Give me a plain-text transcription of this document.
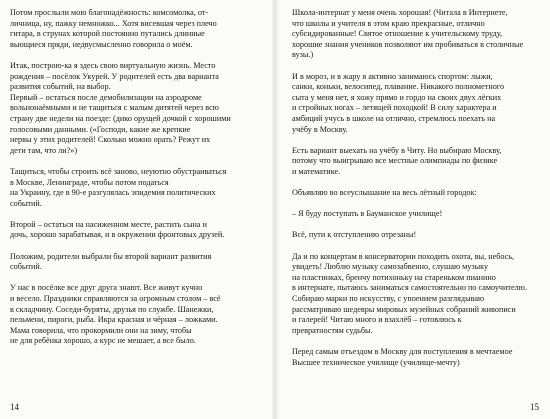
Потом прослыли мою благонадёжность: комсомолка, от-
личница, ну, пажку немножко... Хотя висевшая через плечо
гитара, в струнах которой постоянно путались длинные
вьющиеся пряди, недвусмысленно говорила о моём.

Итак, построю-ка я здесь свою виртуальную жизнь. Место
рождения – посёлок Укурей. У родителей есть два варианта
развития событий, на выбор.

Первый – остаться после демобилизации на аэродроме
вольнонаёмными и не тащиться с малым дитятей через всю
страну две недели на поезде: (дико орущей дочкой с хорошими
голосовыми данными. («Господи, какие же крепкие
нервы у этих родителей! Сколько можно орать? Режут их
дети там, что ли?»)

Тащиться, чтобы строить всё заново, неуютно обустраиваться
в Москве, Ленинграде, чтобы потом податься
на Украину, где в 90-е разгулялась эпидемия политических
событий.

Второй – остаться на насиженном месте, растить сына и
дочь, хорошо зарабатывая, и в окружении фронтовых друзей.

Положим, родители выбрали бы второй вариант развития
событий.

У нас в посёлке все друг друга знают. Все живут кучно
и весело. Праздники справляются за огромным столом – всё
в складчину. Соседи-буряты, друзья по службе. Шанежки,
пельмени, пироги, рыба. Икра красная и чёрная – ложками.
Мама говорила, что прокормили они на зиму, чтобы
не для ребёнка хорошо, а курс не мешает, а все было.

14

Школа-интернат у меня очень хорошая! (Читала в Интернете,
что школы и учителя в этом краю прекрасные, отлично
субсидированные! Святое отношение к учительскому труду,
хорошие знания учеников позволяют им пробиваться в столичные
вузы.)

И в мороз, и в жару я активно занимаюсь спортом: лыжи,
санки, коньки, велосипед, плавание. Никакого полнометного
сыта у меня нет, я хожу прямо и гордо на своих двух лёгких
и стройных ногах – летящей походкой! В силу характера и
амбиций учусь в школе на отлично, стремлюсь поехать на
учёбу в Москву.

Есть вариант выехать на учёбу в Читу. Но выбираю Москву,
потому что выигрываю все местные олимпиады по физике
и математике.

Объявляю во всеуслышание на весь лётный городок:

– Я буду поступать в Бауманское училище!

Всё, пути к отступлению отрезаны!

Да и по концертам в консерватории походить охота, вы, небось,
увидеть! Люблю музыку самозабвенно, слушаю музыку
на пластинках, бренчу потихоньку на стареньком пианино
в интернате, пытаюсь заниматься самостоятельно по самоучителю.
Собираю марки по искусству, с упоением разглядываю
рассматриваю шедевры мировых музейных собраний живописи
и галерей! Читаю много и взахлёб – готовлюсь к
превратностям судьбы.

Перед самым отъездом в Москву для поступления в мечтаемое
Высшее техническое училище (училище-мечту)

15
